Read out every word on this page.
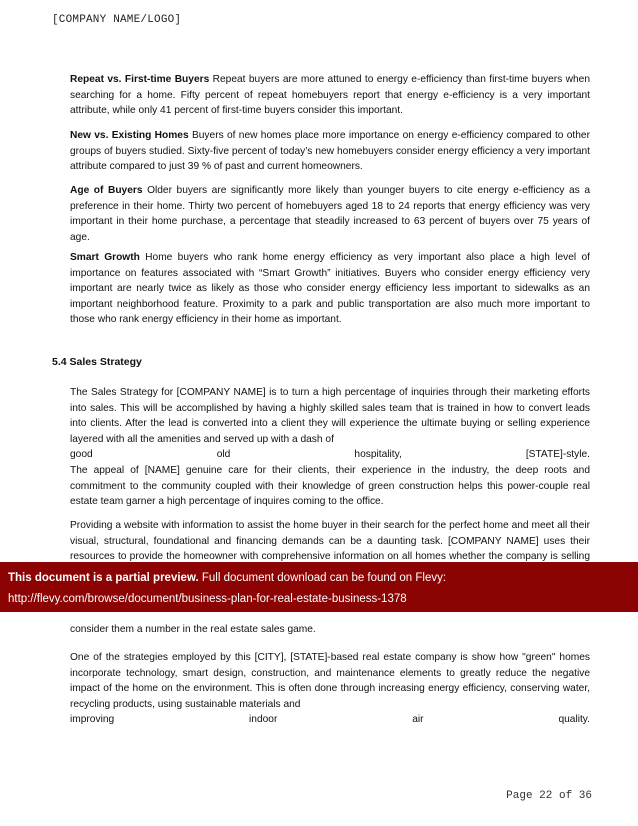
[COMPANY NAME/LOGO]

Repeat vs. First-time Buyers Repeat buyers are more attuned to energy e-efficiency than first-time buyers when searching for a home. Fifty percent of repeat homebuyers report that energy e-efficiency is a very important attribute, while only 41 percent of first-time buyers consider this important.

New vs. Existing Homes Buyers of new homes place more importance on energy e-efficiency compared to other groups of buyers studied. Sixty-five percent of today’s new homebuyers consider energy efficiency a very important attribute compared to just 39 % of past and current homeowners.

Age of Buyers Older buyers are significantly more likely than younger buyers to cite energy e-efficiency as a preference in their home. Thirty two percent of homebuyers aged 18 to 24 reports that energy efficiency was very important in their home purchase, a percentage that steadily increased to 63 percent of buyers over 75 years of age.

Smart Growth Home buyers who rank home energy efficiency as very important also place a high level of importance on features associated with “Smart Growth” initiatives. Buyers who consider energy efficiency very important are nearly twice as likely as those who consider energy efficiency less important to sidewalks as an important neighborhood feature. Proximity to a park and public transportation are also much more important to those who rank energy efficiency in their home as important.

5.4 Sales Strategy
The Sales Strategy for [COMPANY NAME] is to turn a high percentage of inquiries through their marketing efforts into sales. This will be accomplished by having a highly skilled sales team that is trained in how to convert leads into clients. After the lead is converted into a client they will experience the ultimate buying or selling experience layered with all the amenities and served up with a dash of
good	old	hospitality,	[STATE]-style.

The appeal of [NAME] genuine care for their clients, their experience in the industry, the deep roots and commitment to the community coupled with their knowledge of green construction helps this power-couple real estate team garner a high percentage of inquires coming to the office.

Providing a website with information to assist the home buyer in their search for the perfect home and meet all their visual, structural, foundational and financing demands can be a daunting task. [COMPANY NAME] uses their resources to provide the homeowner with comprehensive information on all homes whether the company is selling

consider them a number in the real estate sales game.

One of the strategies employed by this [CITY], [STATE]-based real estate company is show how "green" homes incorporate technology, smart design, construction, and maintenance elements to greatly reduce the negative impact of the home on the environment. This is often done through increasing energy efficiency, conserving water, recycling products, using sustainable materials and
improving	indoor	air	quality.
Page 22 of 36
This document is a partial preview. Full document download can be found on Flevy:
http://flevy.com/browse/document/business-plan-for-real-estate-business-1378
